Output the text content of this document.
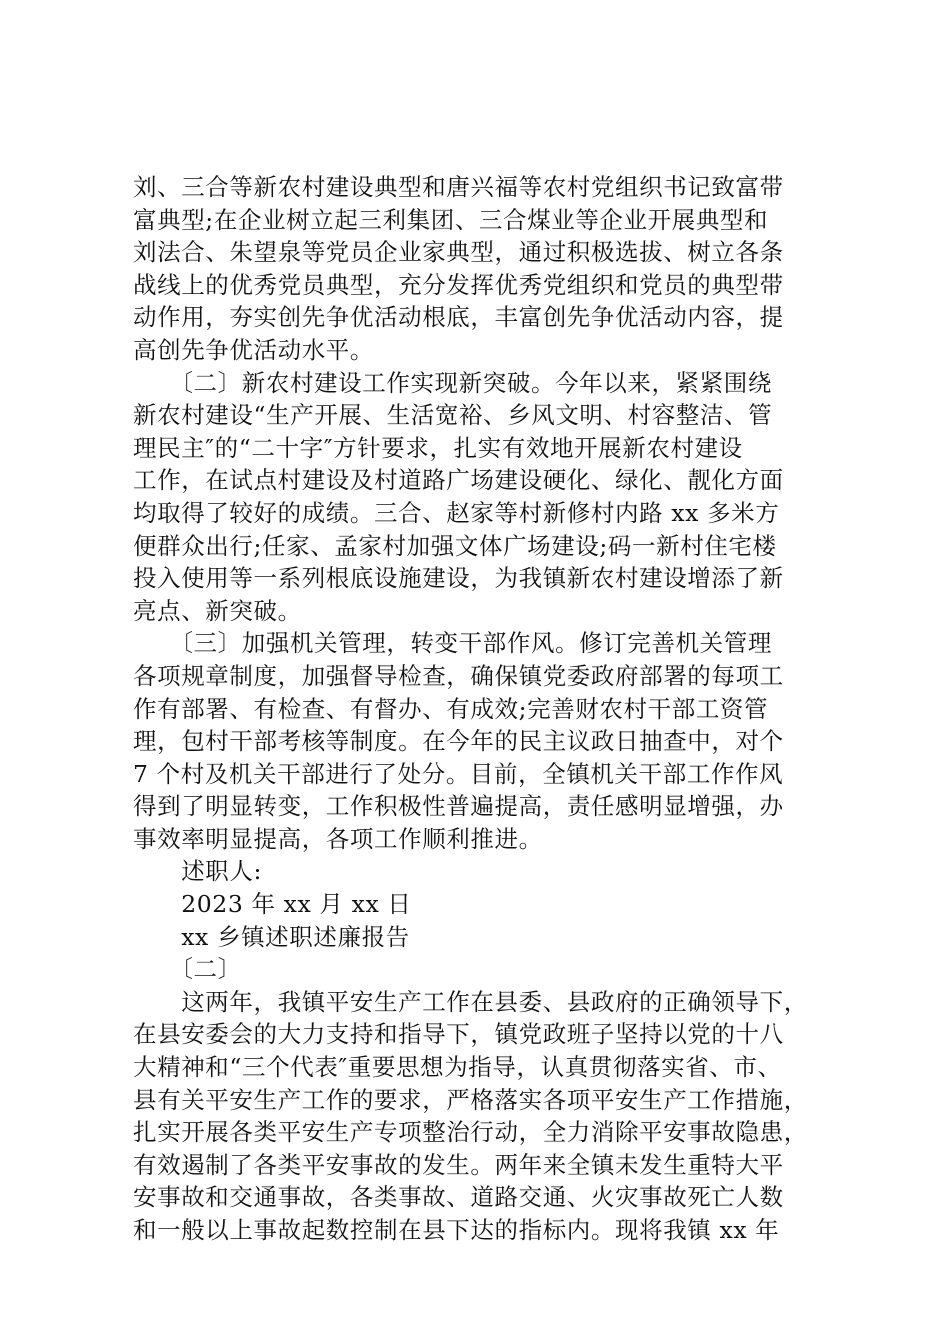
刘、三合等新农村建设典型和唐兴福等农村党组织书记致富带
富典型;在企业树立起三利集团、三合煤业等企业开展典型和
刘法合、朱望泉等党员企业家典型，通过积极选拔、树立各条
战线上的优秀党员典型，充分发挥优秀党组织和党员的典型带
动作用，夯实创先争优活动根底，丰富创先争优活动内容，提
高创先争优活动水平。
　　〔二〕新农村建设工作实现新突破。今年以来，紧紧围绕
新农村建设“生产开展、生活宽裕、乡风文明、村容整洁、管
理民主″的“二十字″方针要求，扎实有效地开展新农村建设
工作，在试点村建设及村道路广场建设硬化、绿化、靓化方面
均取得了较好的成绩。三合、赵家等村新修村内路 xx 多米方
便群众出行;任家、孟家村加强文体广场建设;码一新村住宅楼
投入使用等一系列根底设施建设，为我镇新农村建设增添了新
亮点、新突破。
　　〔三〕加强机关管理，转变干部作风。修订完善机关管理
各项规章制度，加强督导检查，确保镇党委政府部署的每项工
作有部署、有检查、有督办、有成效;完善财农村干部工资管
理，包村干部考核等制度。在今年的民主议政日抽查中，对个
7 个村及机关干部进行了处分。目前，全镇机关干部工作作风
得到了明显转变，工作积极性普遍提高，责任感明显增强，办
事效率明显提高，各项工作顺利推进。
　　述职人:
　　2023 年 xx 月 xx 日
　　xx 乡镇述职述廉报告
　　〔二〕
　　这两年，我镇平安生产工作在县委、县政府的正确领导下，
在县安委会的大力支持和指导下，镇党政班子坚持以党的十八
大精神和“三个代表″重要思想为指导，认真贯彻落实省、市、
县有关平安生产工作的要求，严格落实各项平安生产工作措施，
扎实开展各类平安生产专项整治行动，全力消除平安事故隐患，
有效遏制了各类平安事故的发生。两年来全镇未发生重特大平
安事故和交通事故，各类事故、道路交通、火灾事故死亡人数
和一般以上事故起数控制在县下达的指标内。现将我镇 xx 年
